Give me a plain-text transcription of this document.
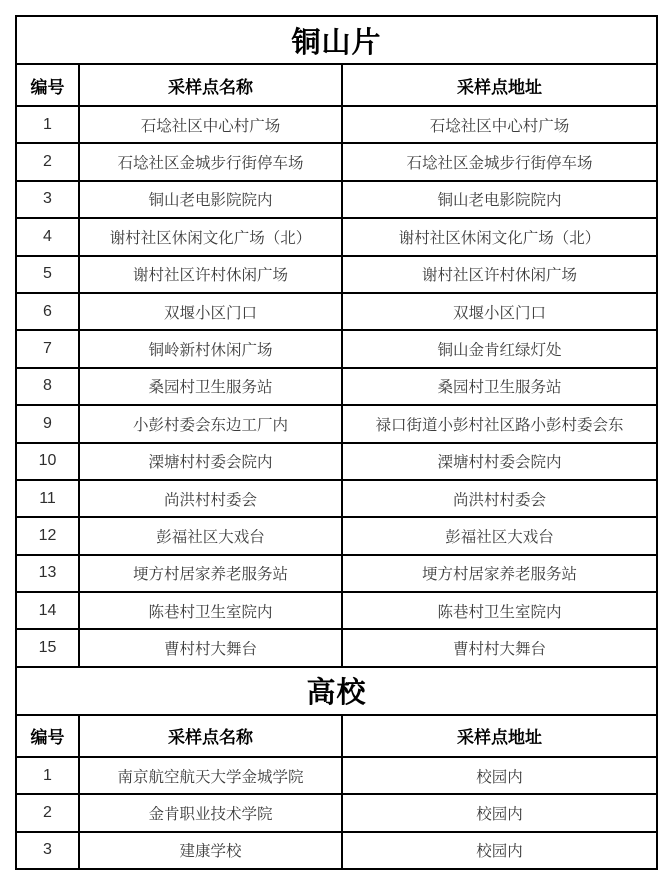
铜山片		
编号	采样点名称	采样点地址
1	石埝社区中心村广场	石埝社区中心村广场
2	石埝社区金城步行街停车场	石埝社区金城步行街停车场
3	铜山老电影院院内	铜山老电影院院内
4	谢村社区休闲文化广场（北）	谢村社区休闲文化广场（北）
5	谢村社区许村休闲广场	谢村社区许村休闲广场
6	双堰小区门口	双堰小区门口
7	铜岭新村休闲广场	铜山金肯红绿灯处
8	桑园村卫生服务站	桑园村卫生服务站
9	小彭村委会东边工厂内	禄口街道小彭村社区路小彭村委会东
10	溧塘村村委会院内	溧塘村村委会院内
11	尚洪村村委会	尚洪村村委会
12	彭福社区大戏台	彭福社区大戏台
13	埂方村居家养老服务站	埂方村居家养老服务站
14	陈巷村卫生室院内	陈巷村卫生室院内
15	曹村村大舞台	曹村村大舞台
高校		
编号	采样点名称	采样点地址
1	南京航空航天大学金城学院	校园内
2	金肯职业技术学院	校园内
3	建康学校	校园内
